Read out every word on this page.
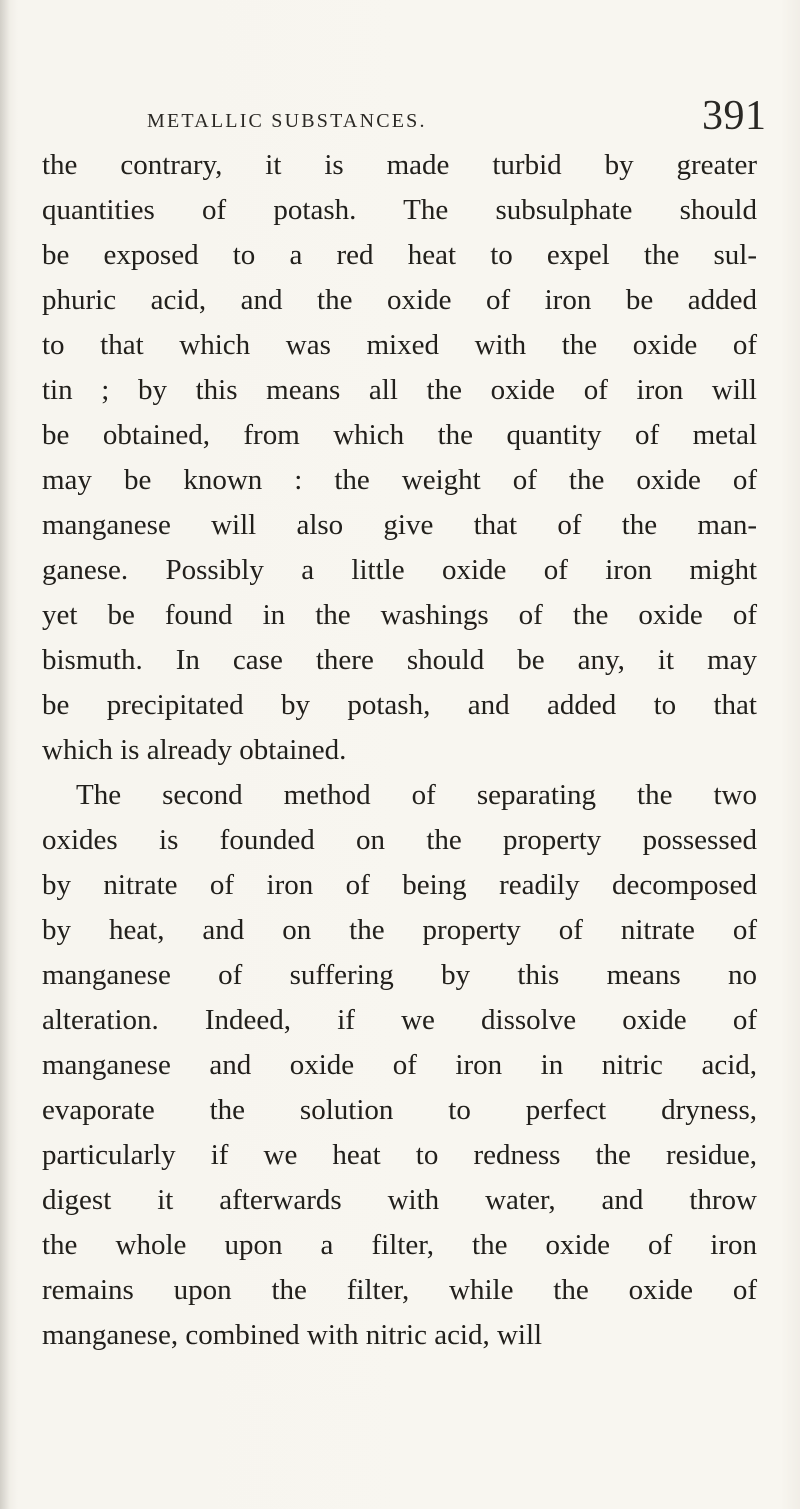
METALLIC SUBSTANCES.	391
the contrary, it is made turbid by greater
quantities of potash. The subsulphate should
be exposed to a red heat to expel the sul-
phuric acid, and the oxide of iron be added
to that which was mixed with the oxide of
tin ; by this means all the oxide of iron will
be obtained, from which the quantity of metal
may be known : the weight of the oxide of
manganese will also give that of the man-
ganese. Possibly a little oxide of iron might
yet be found in the washings of the oxide of
bismuth. In case there should be any, it may
be precipitated by potash, and added to that
which is already obtained.
The second method of separating the two
oxides is founded on the property possessed
by nitrate of iron of being readily decomposed
by heat, and on the property of nitrate of
manganese of suffering by this means no
alteration. Indeed, if we dissolve oxide of
manganese and oxide of iron in nitric acid,
evaporate the solution to perfect dryness,
particularly if we heat to redness the residue,
digest it afterwards with water, and throw
the whole upon a filter, the oxide of iron
remains upon the filter, while the oxide of
manganese, combined with nitric acid, will
